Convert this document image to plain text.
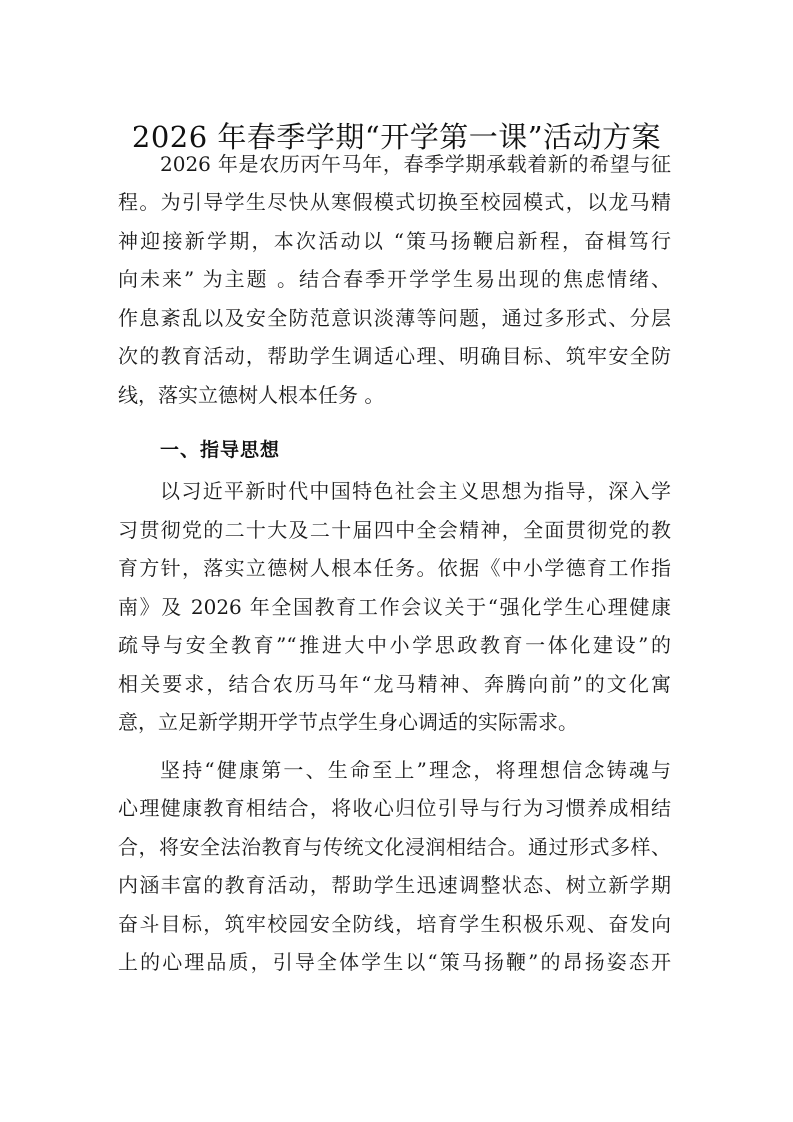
2026 年春季学期“开学第一课”活动方案
2026 年是农历丙午马年，春季学期承载着新的希望与征
程。为引导学生尽快从寒假模式切换至校园模式，以龙马精
神迎接新学期，本次活动以 “策马扬鞭启新程，奋楫笃行
向未来” 为主题 。结合春季开学学生易出现的焦虑情绪、
作息紊乱以及安全防范意识淡薄等问题，通过多形式、分层
次的教育活动，帮助学生调适心理、明确目标、筑牢安全防
线，落实立德树人根本任务 。
一、指导思想
以习近平新时代中国特色社会主义思想为指导，深入学
习贯彻党的二十大及二十届四中全会精神，全面贯彻党的教
育方针，落实立德树人根本任务。依据《中小学德育工作指
南》及 2026 年全国教育工作会议关于“强化学生心理健康
疏导与安全教育”“推进大中小学思政教育一体化建设”的
相关要求，结合农历马年“龙马精神、奔腾向前”的文化寓
意，立足新学期开学节点学生身心调适的实际需求。
坚持“健康第一、生命至上”理念，将理想信念铸魂与
心理健康教育相结合，将收心归位引导与行为习惯养成相结
合，将安全法治教育与传统文化浸润相结合。通过形式多样、
内涵丰富的教育活动，帮助学生迅速调整状态、树立新学期
奋斗目标，筑牢校园安全防线，培育学生积极乐观、奋发向
上的心理品质，引导全体学生以“策马扬鞭”的昂扬姿态开
